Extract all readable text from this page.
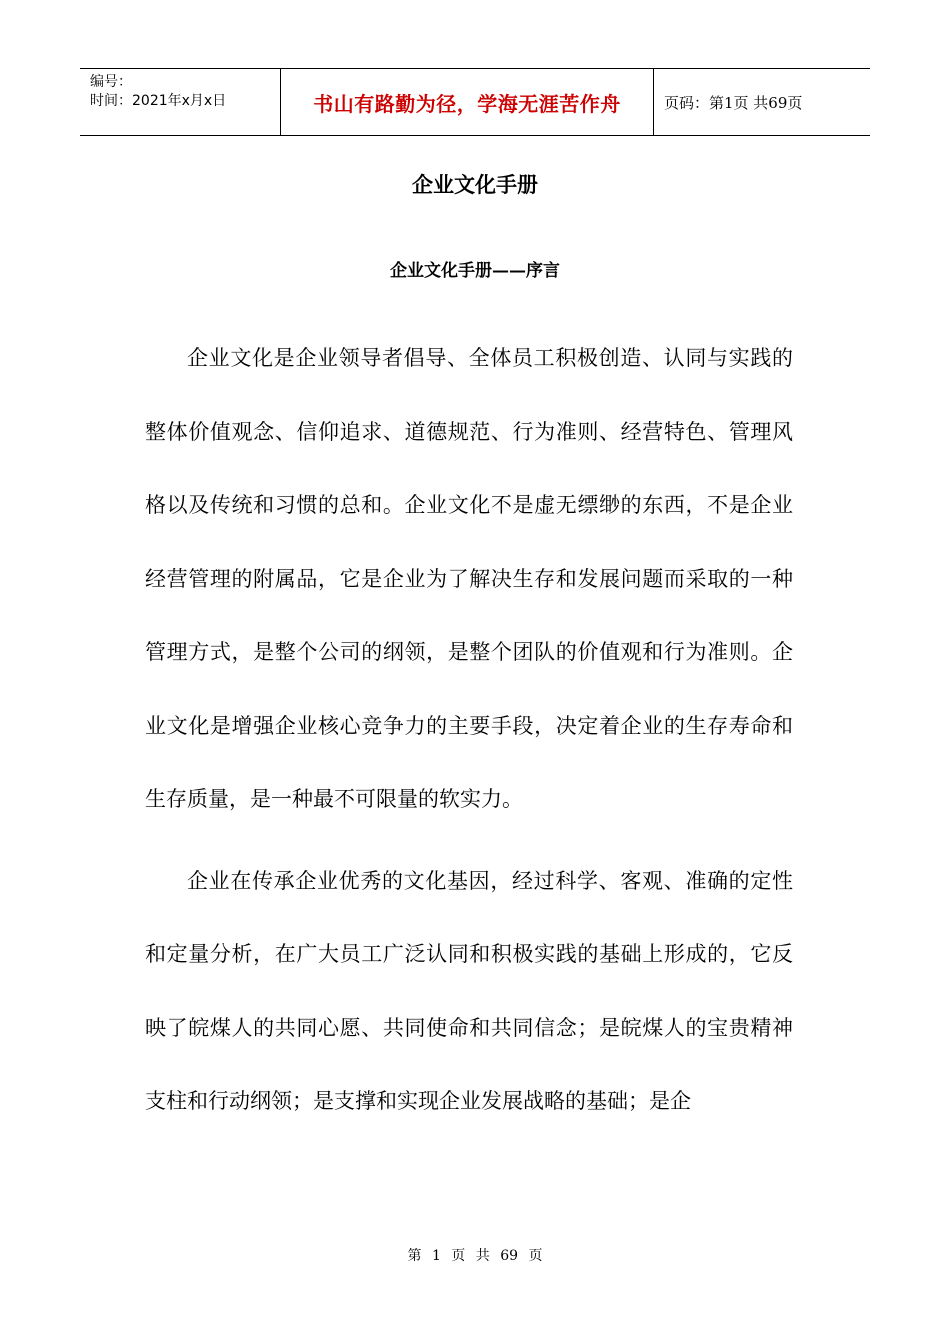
编号：
时间：2021年x月x日	书山有路勤为径，学海无涯苦作舟	页码：第1页 共69页
企业文化手册
企业文化手册——序言

企业文化是企业领导者倡导、全体员工积极创造、认同与实践的整体价值观念、信仰追求、道德规范、行为准则、经营特色、管理风格以及传统和习惯的总和。企业文化不是虚无缥缈的东西，不是企业经营管理的附属品，它是企业为了解决生存和发展问题而采取的一种管理方式，是整个公司的纲领，是整个团队的价值观和行为准则。企业文化是增强企业核心竞争力的主要手段，决定着企业的生存寿命和生存质量，是一种最不可限量的软实力。

企业在传承企业优秀的文化基因，经过科学、客观、准确的定性和定量分析，在广大员工广泛认同和积极实践的基础上形成的，它反映了皖煤人的共同心愿、共同使命和共同信念；是皖煤人的宝贵精神支柱和行动纲领；是支撑和实现企业发展战略的基础；是企

第 1 页 共 69 页
